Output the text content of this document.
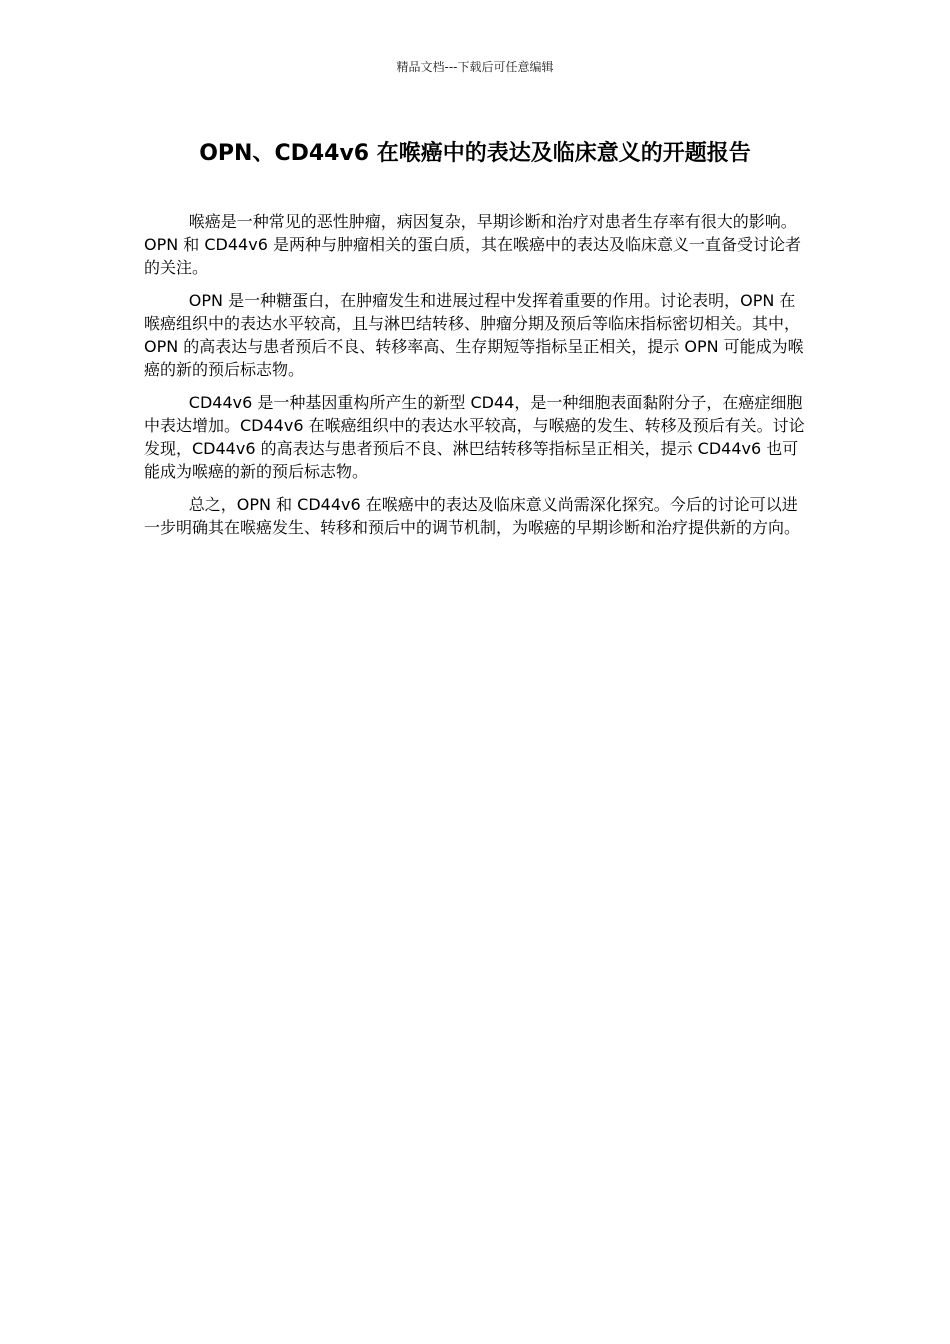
精品文档---下载后可任意编辑
OPN、CD44v6 在喉癌中的表达及临床意义的开题报告

喉癌是一种常见的恶性肿瘤，病因复杂，早期诊断和治疗对患者生存率有很大的影响。OPN 和 CD44v6 是两种与肿瘤相关的蛋白质，其在喉癌中的表达及临床意义一直备受讨论者的关注。

OPN 是一种糖蛋白，在肿瘤发生和进展过程中发挥着重要的作用。讨论表明，OPN 在喉癌组织中的表达水平较高，且与淋巴结转移、肿瘤分期及预后等临床指标密切相关。其中，OPN 的高表达与患者预后不良、转移率高、生存期短等指标呈正相关，提示 OPN 可能成为喉癌的新的预后标志物。

CD44v6 是一种基因重构所产生的新型 CD44，是一种细胞表面黏附分子，在癌症细胞中表达增加。CD44v6 在喉癌组织中的表达水平较高，与喉癌的发生、转移及预后有关。讨论发现，CD44v6 的高表达与患者预后不良、淋巴结转移等指标呈正相关，提示 CD44v6 也可能成为喉癌的新的预后标志物。

总之，OPN 和 CD44v6 在喉癌中的表达及临床意义尚需深化探究。今后的讨论可以进一步明确其在喉癌发生、转移和预后中的调节机制，为喉癌的早期诊断和治疗提供新的方向。
